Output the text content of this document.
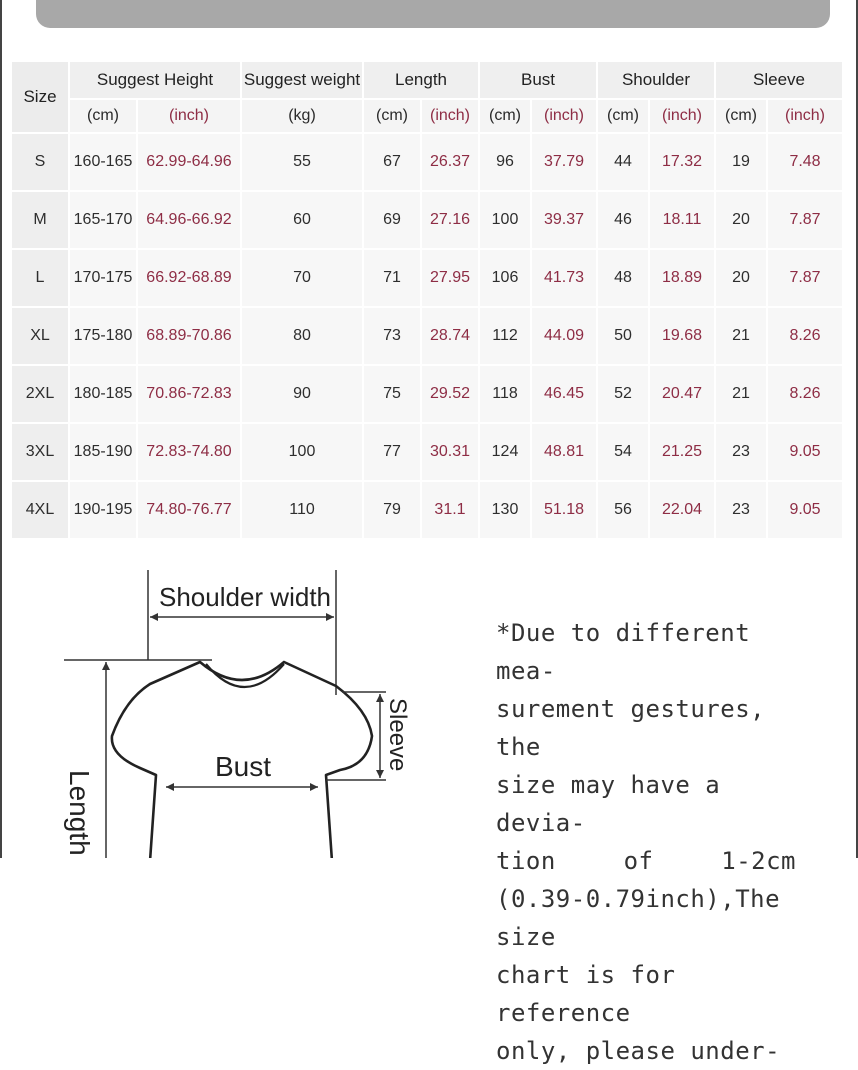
Size	Suggest Height		Suggest weight	Length		Bust		Shoulder		Sleeve	
	(cm)	(inch)	(kg)	(cm)	(inch)	(cm)	(inch)	(cm)	(inch)	(cm)	(inch)
S	160-165	62.99-64.96	55	67	26.37	96	37.79	44	17.32	19	7.48
M	165-170	64.96-66.92	60	69	27.16	100	39.37	46	18.11	20	7.87
L	170-175	66.92-68.89	70	71	27.95	106	41.73	48	18.89	20	7.87
XL	175-180	68.89-70.86	80	73	28.74	112	44.09	50	19.68	21	8.26
2XL	180-185	70.86-72.83	90	75	29.52	118	46.45	52	20.47	21	8.26
3XL	185-190	72.83-74.80	100	77	30.31	124	48.81	54	21.25	23	9.05
4XL	190-195	74.80-76.77	110	79	31.1	130	51.18	56	22.04	23	9.05
Shoulder width
Bust	Sleeve
Length
*Due to different mea-
surement gestures, the
size may have a devia-
tion of 1-2cm
(0.39-0.79inch),The size
chart is for reference
only, please under-
